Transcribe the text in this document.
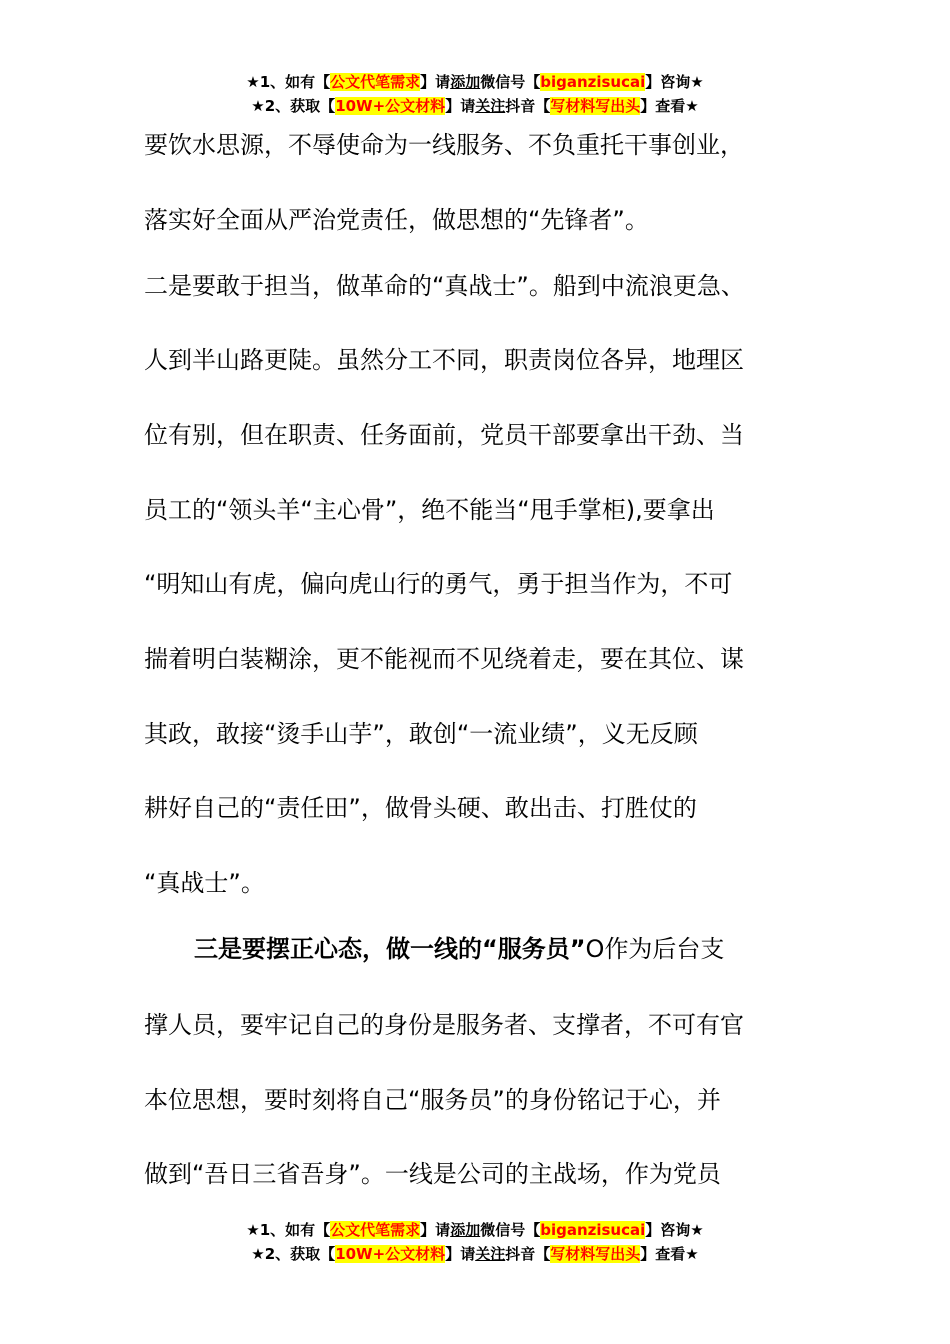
★1、如有【公文代笔需求】请添加微信号【biganzisucai】咨询★
★2、获取【10W+公文材料】请关注抖音【写材料写出头】查看★
要饮水思源，不辱使命为一线服务、不负重托干事创业，
落实好全面从严治党责任，做思想的“先锋者”。
二是要敢于担当，做革命的“真战士”。船到中流浪更急、
人到半山路更陡。虽然分工不同，职责岗位各异，地理区
位有别，但在职责、任务面前，党员干部要拿出干劲、当
员工的“领头羊“主心骨”，绝不能当“甩手掌柜),要拿出
“明知山有虎，偏向虎山行的勇气，勇于担当作为，不可
揣着明白装糊涂，更不能视而不见绕着走，要在其位、谋
其政，敢接“烫手山芋”，敢创“一流业绩”，义无反顾
耕好自己的“责任田”，做骨头硬、敢出击、打胜仗的
“真战士”。
三是要摆正心态，做一线的“服务员”O作为后台支
撑人员，要牢记自己的身份是服务者、支撑者，不可有官
本位思想，要时刻将自己“服务员”的身份铭记于心，并
做到“吾日三省吾身”。一线是公司的主战场，作为党员
★1、如有【公文代笔需求】请添加微信号【biganzisucai】咨询★
★2、获取【10W+公文材料】请关注抖音【写材料写出头】查看★
